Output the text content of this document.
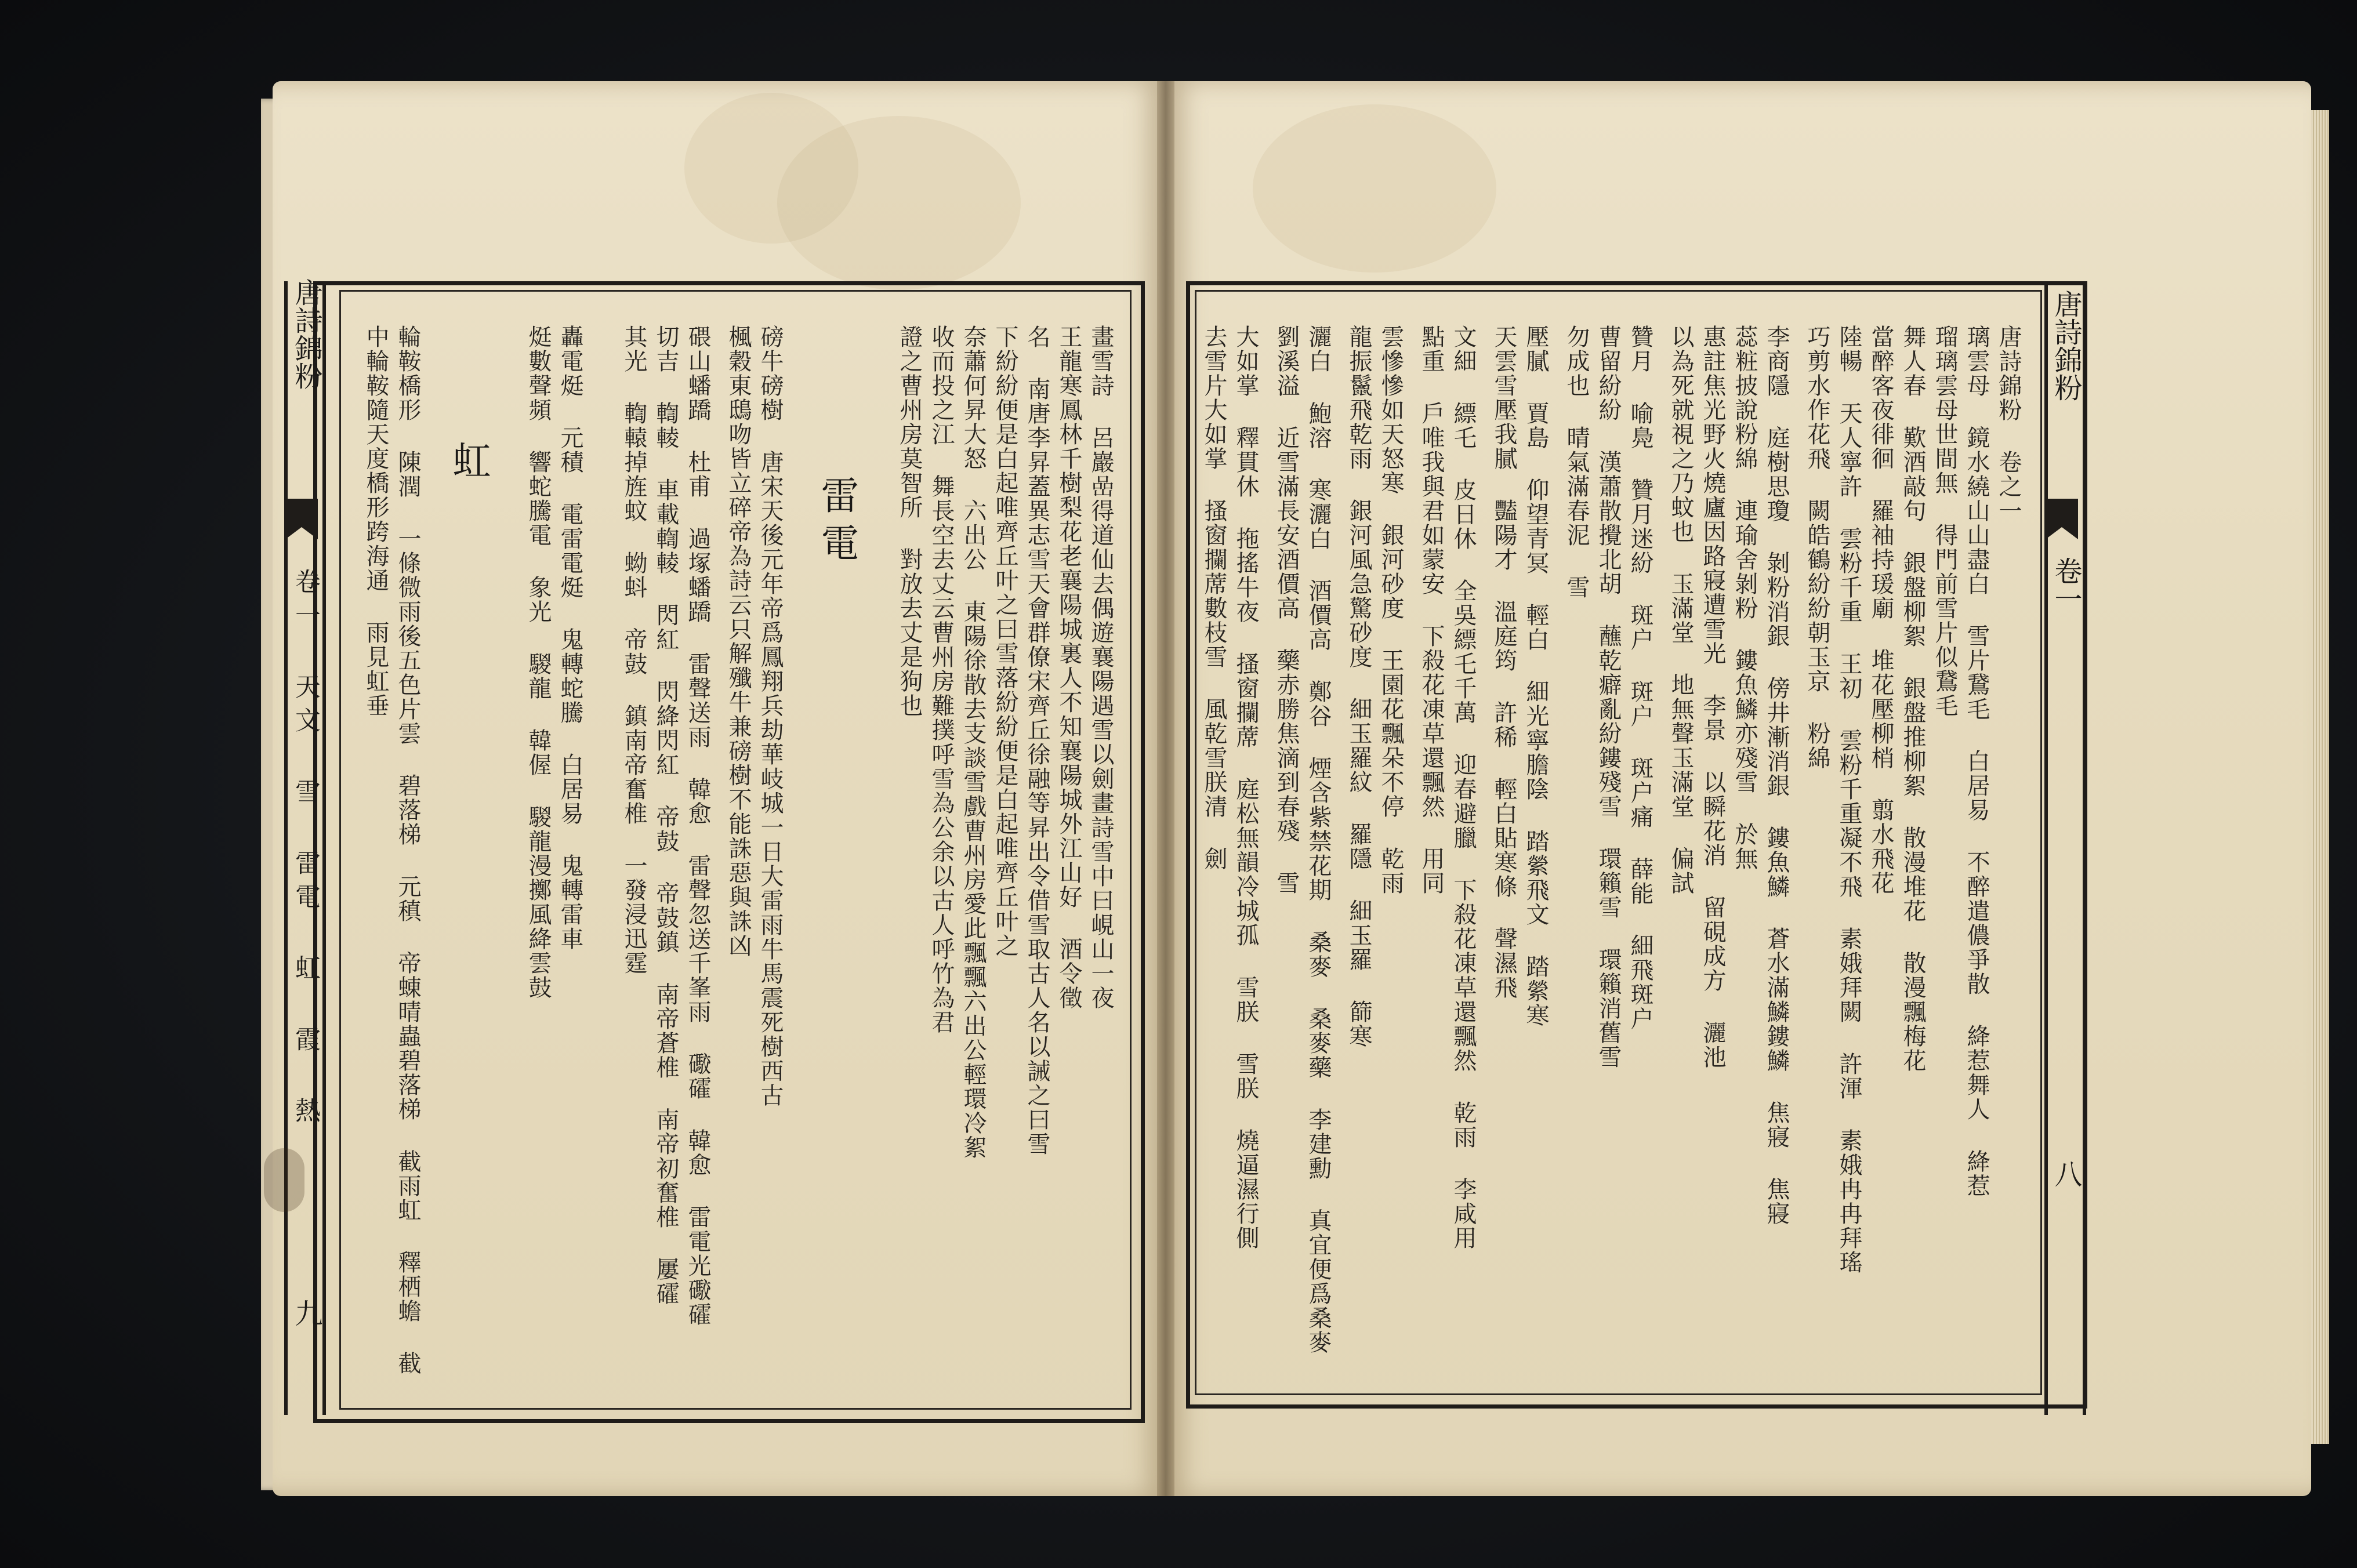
唐詩錦粉
卷一 天文 雪 雷電 虹 霞 熱
九
畫雪詩 呂巖嵒得道仙去偶遊襄陽遇雪以劍畫詩雪中曰峴山一夜
王龍寒鳳林千樹梨花老襄陽城裏人不知襄陽城外江山好 酒令徵
名 南唐李昇蓋異志雪天會群僚宋齊丘徐融等昇出令借雪取古人名以誡之曰雪
下紛紛便是白起唯齊丘叶之曰雪落紛紛便是白起唯齊丘叶之
奈蕭何昇大怒 六出公 東陽徐散去支談雪戲曹州房愛此飄飄六出公輕環冷絮
收而投之江 舞長空去丈云曹州房難撲呼雪為公余以古人呼竹為君
證之曹州房莫智所 對放去丈是狗也
雷電
磅牛磅樹 唐宋天後元年帝爲鳳翔兵劫華岐城一日大雷雨牛馬震死樹西古
楓穀東鴟吻皆立碎帝為詩云只解殲牛兼磅樹不能誅惡與誅凶
碨山蟠蹻 杜甫 過塚蟠蹻 雷聲送雨 韓愈 雷聲忽送千峯雨 礮礭 韓愈 雷電光礮礭
切吉 輷輘 車載輷輘 閃紅 閃絳閃紅 帝鼓 帝鼓鎮 南帝蒼椎 南帝初奮椎 屢礭
其光 輷轅掉旌蚊 蚴蚪 帝鼓 鎮南帝奮椎 一發浸迅霆
轟電烶 元積 電雷電烶 鬼轉蛇騰 白居易 鬼轉雷車
烶數聲頻 響蛇騰電 象光 騣龍 韓偓 騣龍漫擲風絳雲鼓
虹
輪鞍橋形 陳潤 一條微雨後五色片雲 碧落梯 元稹 帝蝀晴蟲碧落梯 截雨虹 釋栖蟾 截
中輪鞍隨天度橋形跨海通 雨見虹垂	唐詩錦粉
卷一
八
唐詩錦粉 卷之一
璃雲母 鏡水繞山山盡白 雪片鵞毛 白居易 不醉遣儂爭散 絳惹舞人 絳惹
瑠璃雲母世間無 得門前雪片似鵞毛
舞人春 歎酒敲句 銀盤柳絮 銀盤推柳絮 散漫堆花 散漫飄梅花
當醉客夜徘徊 羅袖持瑗廟 堆花壓柳梢 翦水飛花
陸暢 天人寧許 雲粉千重 王初 雲粉千重凝不飛 素娥拜闕 許渾 素娥冉冉拜瑤
巧剪水作花飛 闕皓鶴紛紛朝玉京 粉綿
李商隱 庭樹思瓊 剝粉消銀 傍井漸消銀 鏤魚鱗 蒼水滿鱗鏤鱗 焦寢 焦寢
蕊粧披說粉綿 連瑜舍剝粉 鏤魚鱗亦殘雪 於無
惠註焦光野火燒廬因路寢遭雪光 李景 以瞬花消 留硯成方 灑池
以為死就視之乃蚊也 玉滿堂 地無聲玉滿堂 偏試
贊月 喻鳧 贊月迷紛 斑户 斑户 斑户痛 薛能 細飛斑户
曹留紛紛 漢蕭散攪北胡 蘸乾癖亂紛鏤殘雪 環籟雪 環籟消舊雪
勿成也 晴氣滿春泥 雪
壓膩 賈島 仰望青冥 輕白 細光寧膽陰 踏縈飛文 踏縈寒
天雲雪壓我膩 豔陽才 溫庭筠 許稀 輕白貼寒條 聲濕飛
文細 縹乇 皮日休 全吳縹乇千萬 迎春避臘 下殺花凍草還飄然 乾雨 李咸用
點重 戶唯我與君如蒙安 下殺花凍草還飄然 用同
雲慘慘如天怒寒 銀河砂度 王園花飄朵不停 乾雨
龍振鬣飛乾雨 銀河風急驚砂度 細玉羅紋 羅隱 細玉羅 篩寒
灑白 鮑溶 寒灑白 酒價高 鄭谷 煙含紫禁花期 桑麥 桑麥藥 李建勳 真宜便爲桑麥
劉溪溢 近雪滿長安酒價高 藥赤勝焦滴到春殘 雪
大如掌 釋貫休 拖搖牛夜 搔窗攔蓆 庭松無韻冷城孤 雪朕 雪朕 燒逼濕行側
去雪片大如掌 搔窗攔蓆數枝雪 風乾雪朕清 劍
